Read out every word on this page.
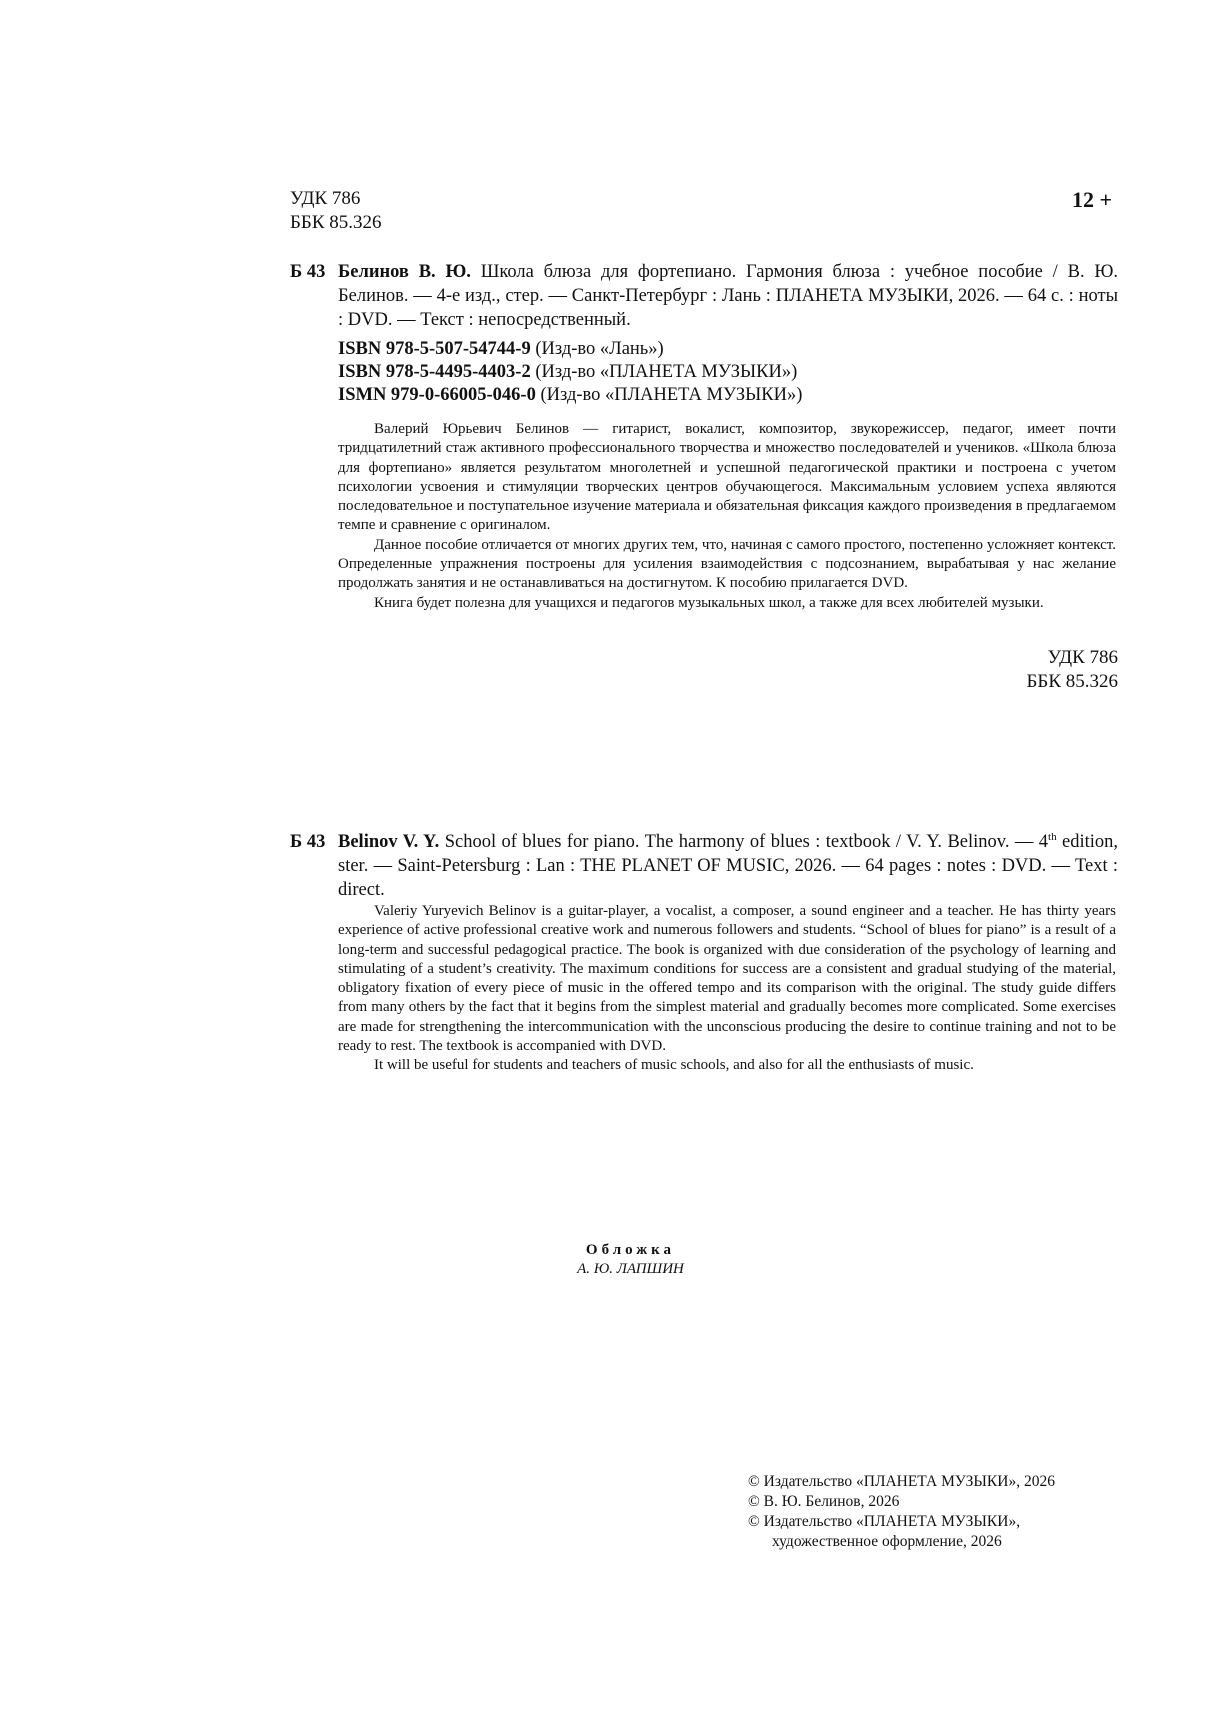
УДК 786
ББК 85.326
12 +
Б 43 Белинов В. Ю. Школа блюза для фортепиано. Гармония блюза : учебное пособие / В. Ю. Белинов. — 4-е изд., стер. — Санкт-Петербург : Лань : ПЛАНЕТА МУЗЫКИ, 2026. — 64 с. : ноты : DVD. — Текст : непосредственный.
ISBN 978-5-507-54744-9 (Изд-во «Лань»)
ISBN 978-5-4495-4403-2 (Изд-во «ПЛАНЕТА МУЗЫКИ»)
ISMN 979-0-66005-046-0 (Изд-во «ПЛАНЕТА МУЗЫКИ»)

Валерий Юрьевич Белинов — гитарист, вокалист, композитор, звукорежиссер, педагог, имеет почти тридцатилетний стаж активного профессионального творчества и множество последователей и учеников. «Школа блюза для фортепиано» является результатом многолетней и успешной педагогической практики и построена с учетом психологии усвоения и стимуляции творческих центров обучающегося. Максимальным условием успеха являются последовательное и поступательное изучение материала и обязательная фиксация каждого произведения в предлагаемом темпе и сравнение с оригиналом.

Данное пособие отличается от многих других тем, что, начиная с самого простого, постепенно усложняет контекст. Определенные упражнения построены для усиления взаимодействия с подсознанием, вырабатывая у нас желание продолжать занятия и не останавливаться на достигнутом. К пособию прилагается DVD.

Книга будет полезна для учащихся и педагогов музыкальных школ, а также для всех любителей музыки.

УДК 786
ББК 85.326
Б 43 Belinov V. Y. School of blues for piano. The harmony of blues : textbook / V. Y. Belinov. — 4th edition, ster. — Saint-Petersburg : Lan : THE PLANET OF MUSIC, 2026. — 64 pages : notes : DVD. — Text : direct.

Valeriy Yuryevich Belinov is a guitar-player, a vocalist, a composer, a sound engineer and a teacher. He has thirty years experience of active professional creative work and numerous followers and students. “School of blues for piano” is a result of a long-term and successful pedagogical practice. The book is organized with due consideration of the psychology of learning and stimulating of a student’s creativity. The maximum conditions for success are a consistent and gradual studying of the material, obligatory fixation of every piece of music in the offered tempo and its comparison with the original. The study guide differs from many others by the fact that it begins from the simplest material and gradually becomes more complicated. Some exercises are made for strengthening the intercommunication with the unconscious producing the desire to continue training and not to be ready to rest. The textbook is accompanied with DVD.

It will be useful for students and teachers of music schools, and also for all the enthusiasts of music.

Обложка
А. Ю. ЛАПШИН
© Издательство «ПЛАНЕТА МУЗЫКИ», 2026
© В. Ю. Белинов, 2026
© Издательство «ПЛАНЕТА МУЗЫКИ»,
художественное оформление, 2026
